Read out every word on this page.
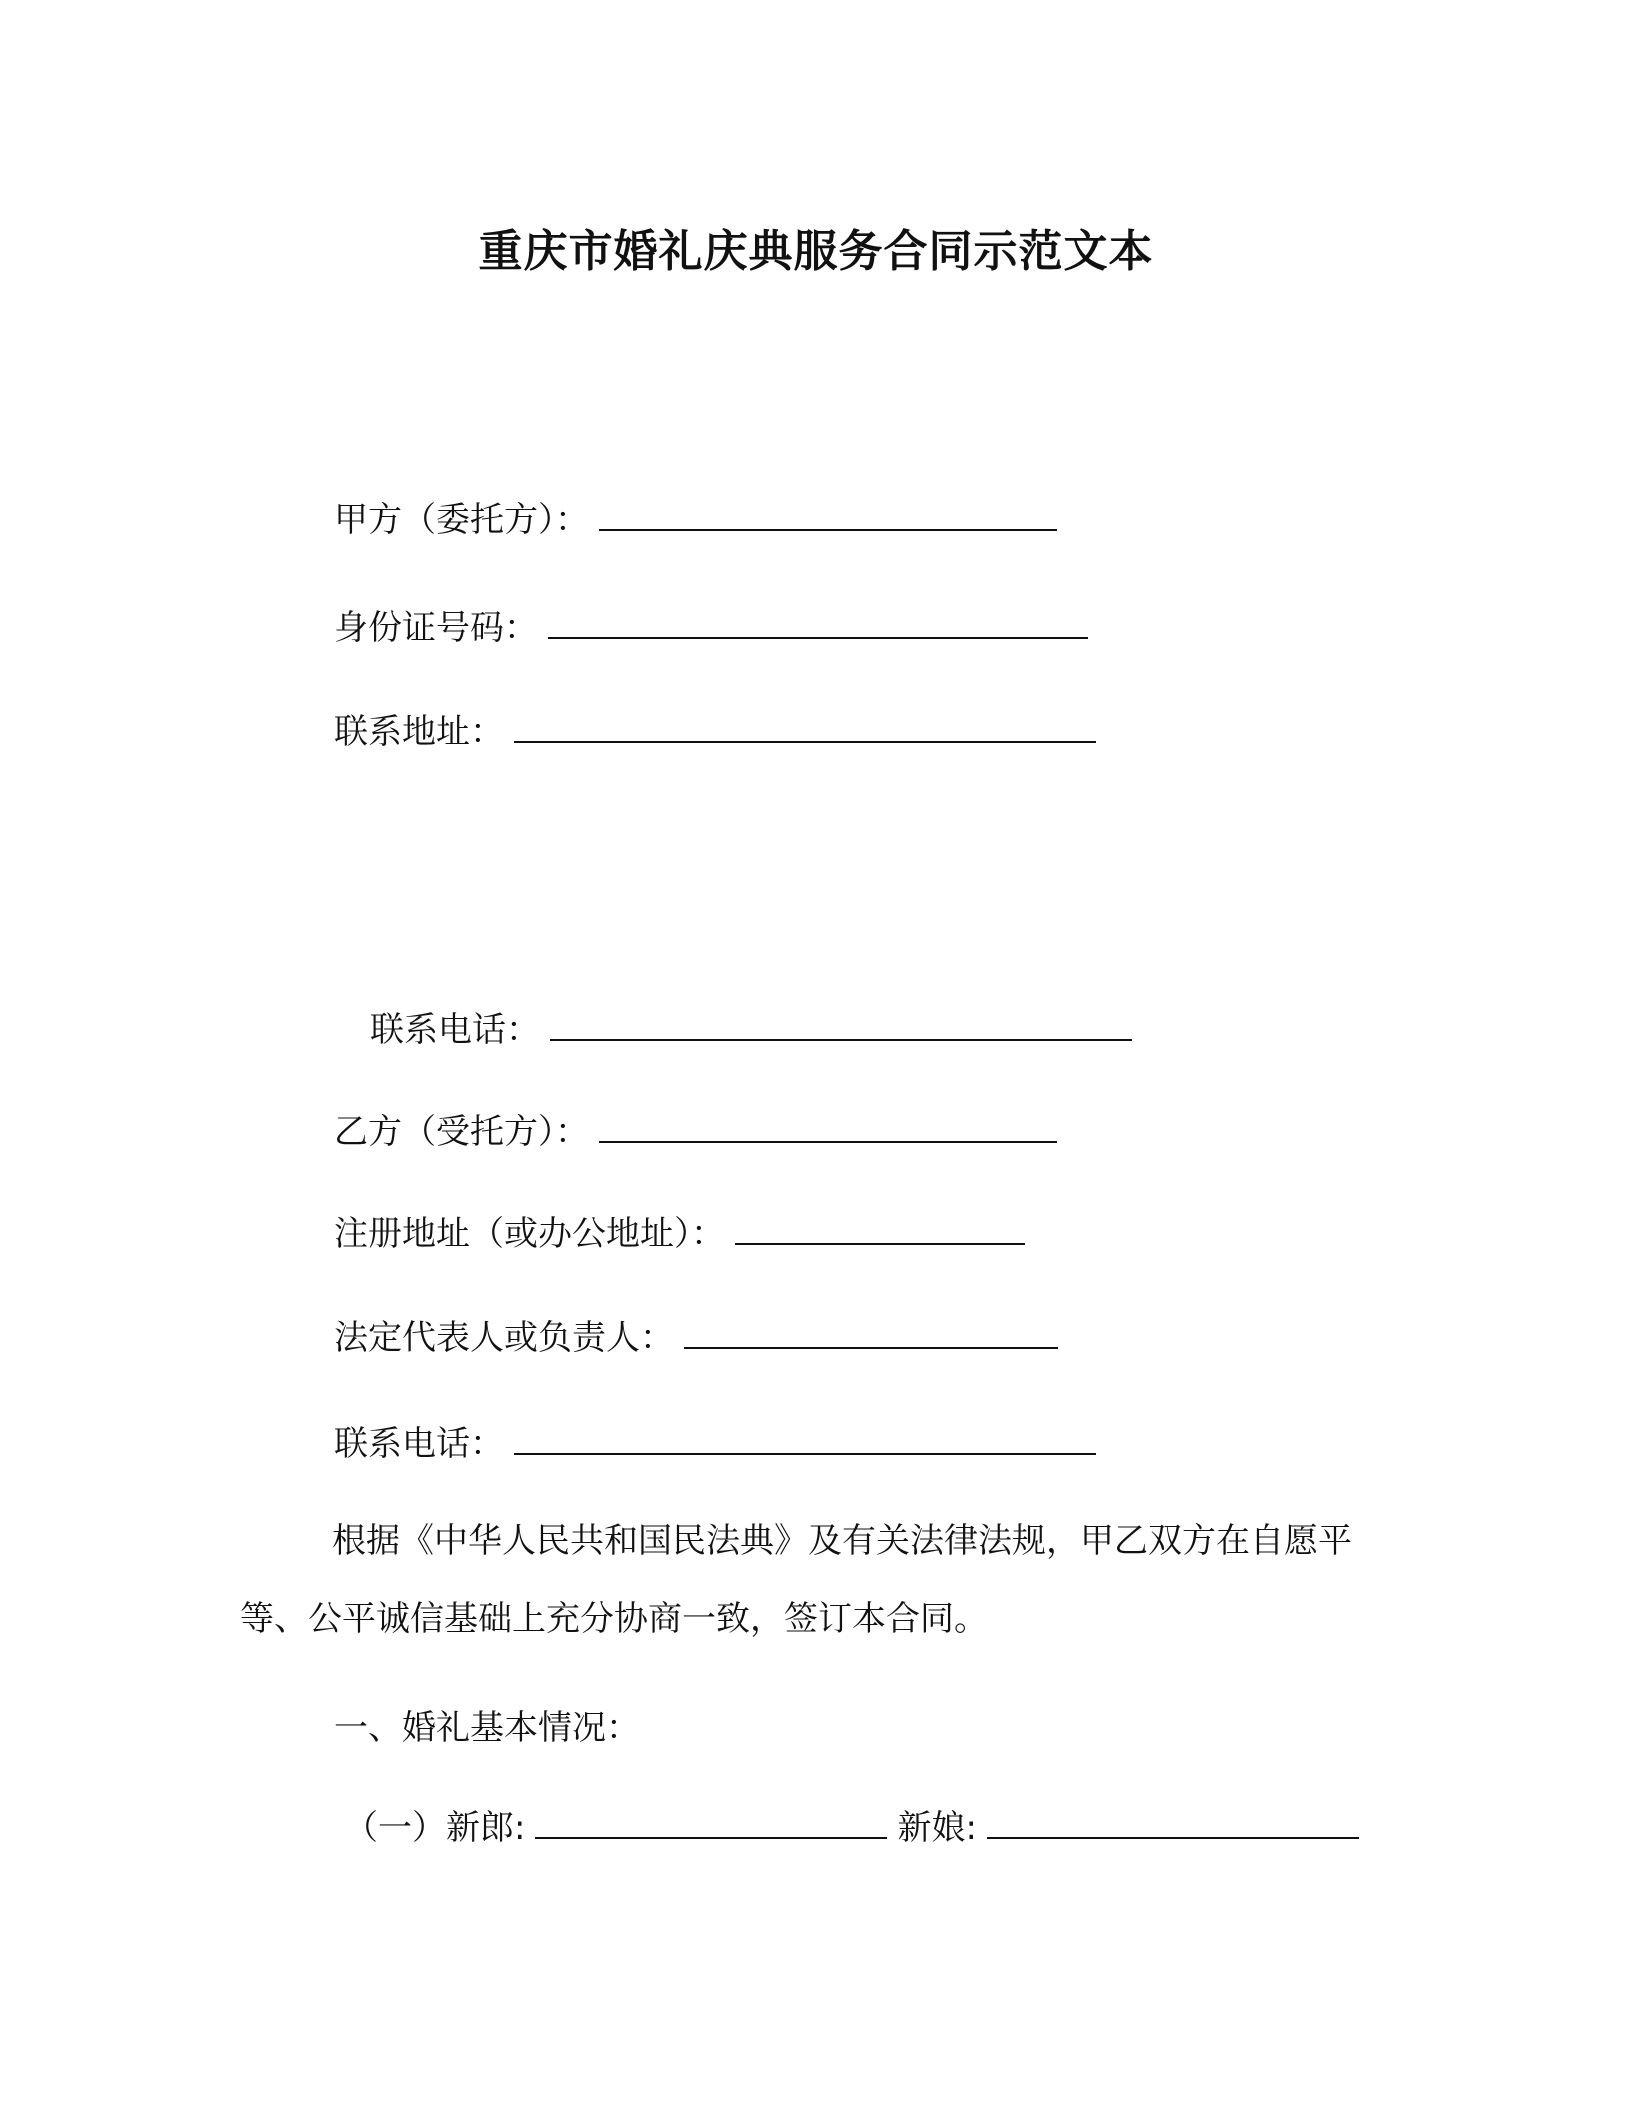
重庆市婚礼庆典服务合同示范文本
甲方（委托方）：
身份证号码：
联系地址：
联系电话：
乙方（受托方）：
注册地址（或办公地址）：
法定代表人或负责人：
联系电话：
根据《中华人民共和国民法典》及有关法律法规，甲乙双方在自愿平等、公平诚信基础上充分协商一致，签订本合同。
一、婚礼基本情况：
（一）新郎:	新娘:
